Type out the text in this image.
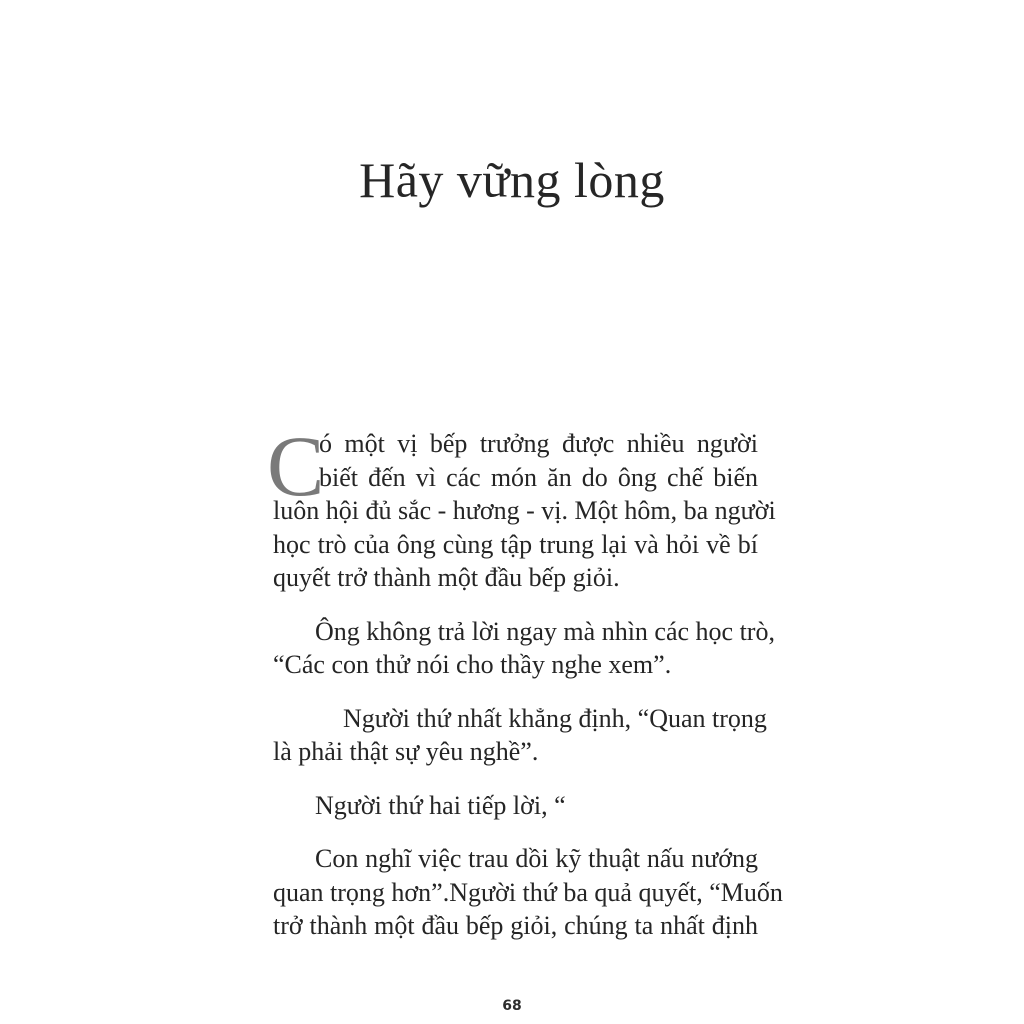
Hãy vững lòng
C
ó một vị bếp trưởng được nhiều người
biết đến vì các món ăn do ông chế biến
luôn hội đủ sắc - hương - vị. Một hôm, ba người
học trò của ông cùng tập trung lại và hỏi về bí
quyết trở thành một đầu bếp giỏi.
Ông không trả lời ngay mà nhìn các học trò,
“Các con thử nói cho thầy nghe xem”.
Người thứ nhất khẳng định, “Quan trọng
là phải thật sự yêu nghề”.
Người thứ hai tiếp lời, “
Con nghĩ việc trau dồi kỹ thuật nấu nướng
quan trọng hơn”.Người thứ ba quả quyết, “Muốn
trở thành một đầu bếp giỏi, chúng ta nhất định
68
